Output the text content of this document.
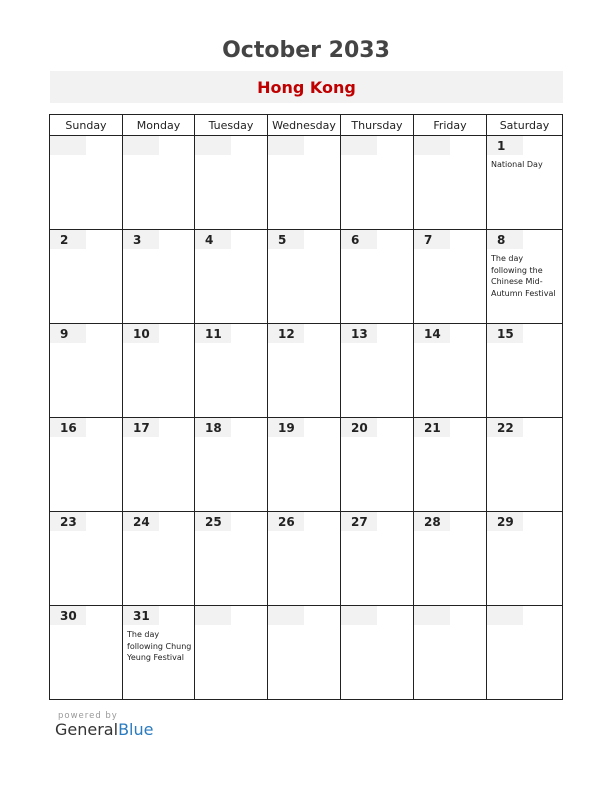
October 2033
Hong Kong
Sunday	Monday	Tuesday	Wednesday	Thursday	Friday	Saturday

						1
National Day

2	3	4	5	6	7	8
The day following the Chinese Mid-Autumn Festival

9	10	11	12	13	14	15

16	17	18	19	20	21	22

23	24	25	26	27	28	29

30	31
The day following Chung Yeung Festival					

powered by
GeneralBlue
